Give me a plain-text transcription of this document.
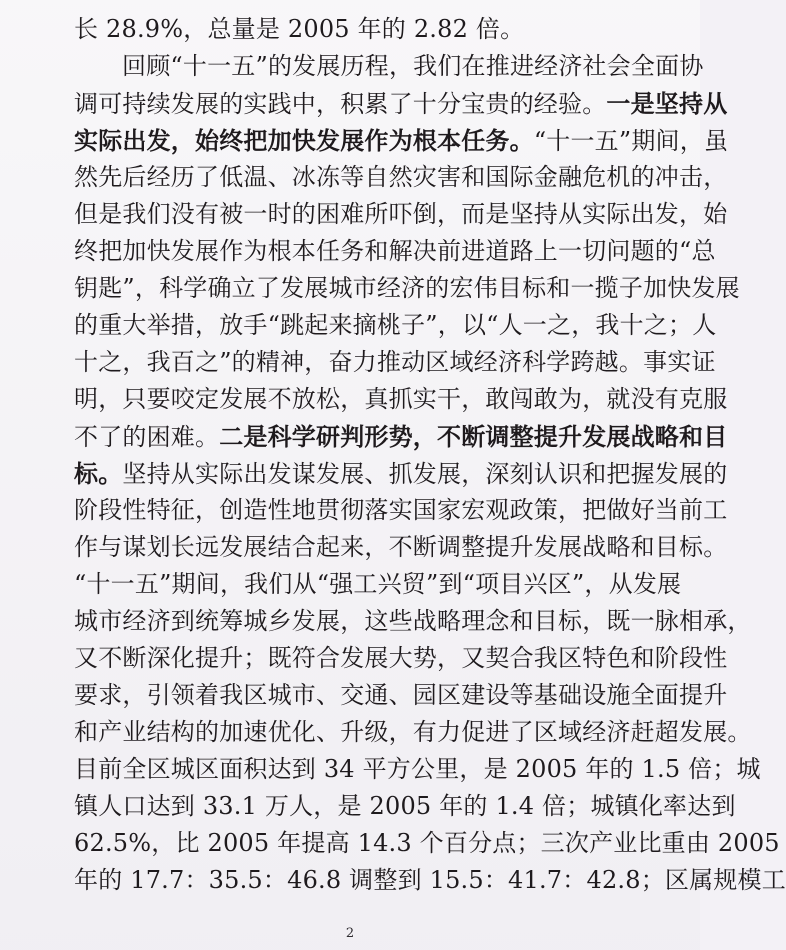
长 28.9%，总量是 2005 年的 2.82 倍。
回顾“十一五”的发展历程，我们在推进经济社会全面协
调可持续发展的实践中，积累了十分宝贵的经验。一是坚持从
实际出发，始终把加快发展作为根本任务。“十一五”期间，虽
然先后经历了低温、冰冻等自然灾害和国际金融危机的冲击，
但是我们没有被一时的困难所吓倒，而是坚持从实际出发，始
终把加快发展作为根本任务和解决前进道路上一切问题的“总
钥匙”，科学确立了发展城市经济的宏伟目标和一揽子加快发展
的重大举措，放手“跳起来摘桃子”，以“人一之，我十之；人
十之，我百之”的精神，奋力推动区域经济科学跨越。事实证
明，只要咬定发展不放松，真抓实干，敢闯敢为，就没有克服
不了的困难。二是科学研判形势，不断调整提升发展战略和目
标。坚持从实际出发谋发展、抓发展，深刻认识和把握发展的
阶段性特征，创造性地贯彻落实国家宏观政策，把做好当前工
作与谋划长远发展结合起来，不断调整提升发展战略和目标。
“十一五”期间，我们从“强工兴贸”到“项目兴区”，从发展
城市经济到统筹城乡发展，这些战略理念和目标，既一脉相承，
又不断深化提升；既符合发展大势，又契合我区特色和阶段性
要求，引领着我区城市、交通、园区建设等基础设施全面提升
和产业结构的加速优化、升级，有力促进了区域经济赶超发展。
目前全区城区面积达到 34 平方公里，是 2005 年的 1.5 倍；城
镇人口达到 33.1 万人，是 2005 年的 1.4 倍；城镇化率达到
62.5%，比 2005 年提高 14.3 个百分点；三次产业比重由 2005
年的 17.7：35.5：46.8 调整到 15.5：41.7：42.8；区属规模工
2
